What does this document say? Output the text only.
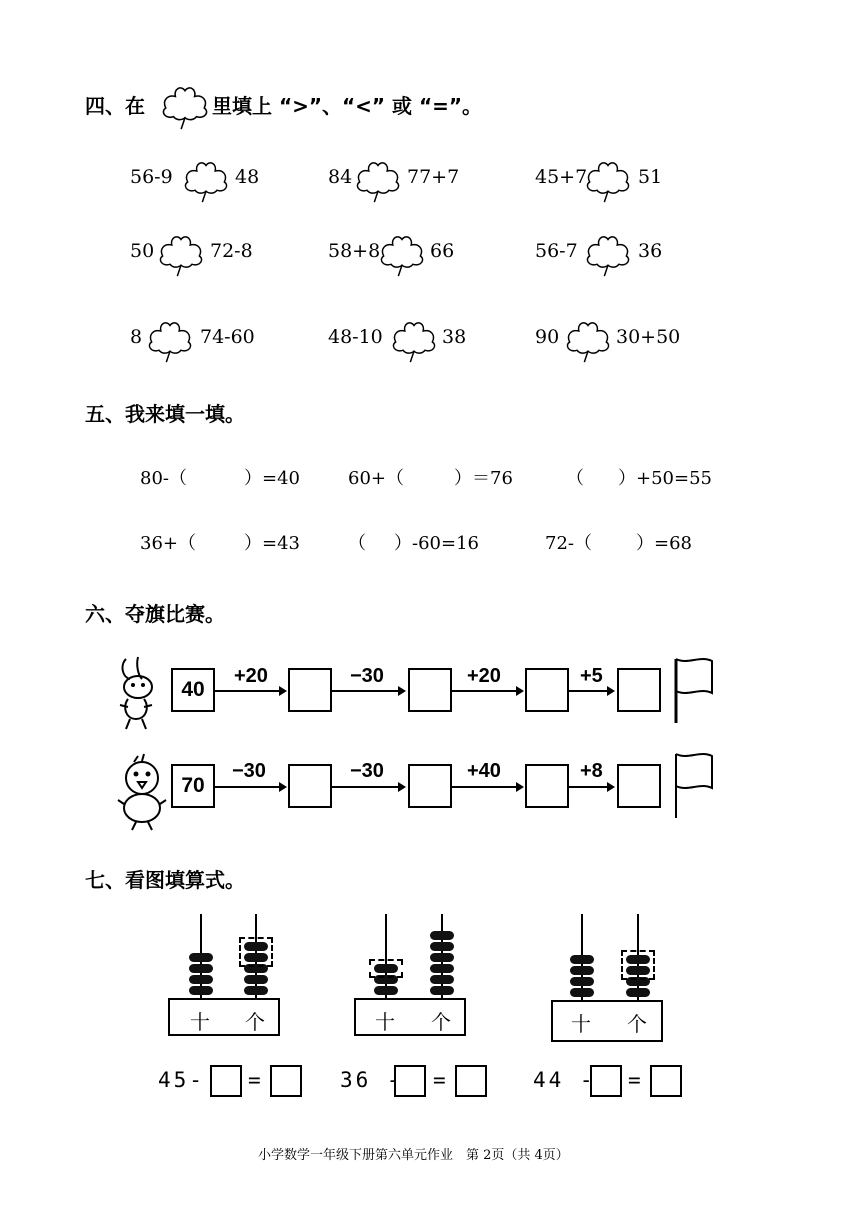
四、在	里填上 “>”、“<” 或 “=”。
56-9	48	84	77+7	45+7	51
50	72-8	58+8	66	56-7	36
8	74-60	48-10	38	90	30+50
五、我来填一填。
80-（	）=40	60+（	）＝76	（ ）+50=55
36+（	）=43	（ ）-60=16	72-（ ）=68
六、夺旗比赛。
40
+20	−30	+20	+5
70
−30	−30	+40	+8
七、看图填算式。
十 个	十 个	十 个
45- =	36 - =	44 - =
小学数学一年级下册第六单元作业　第 2页（共 4页）
